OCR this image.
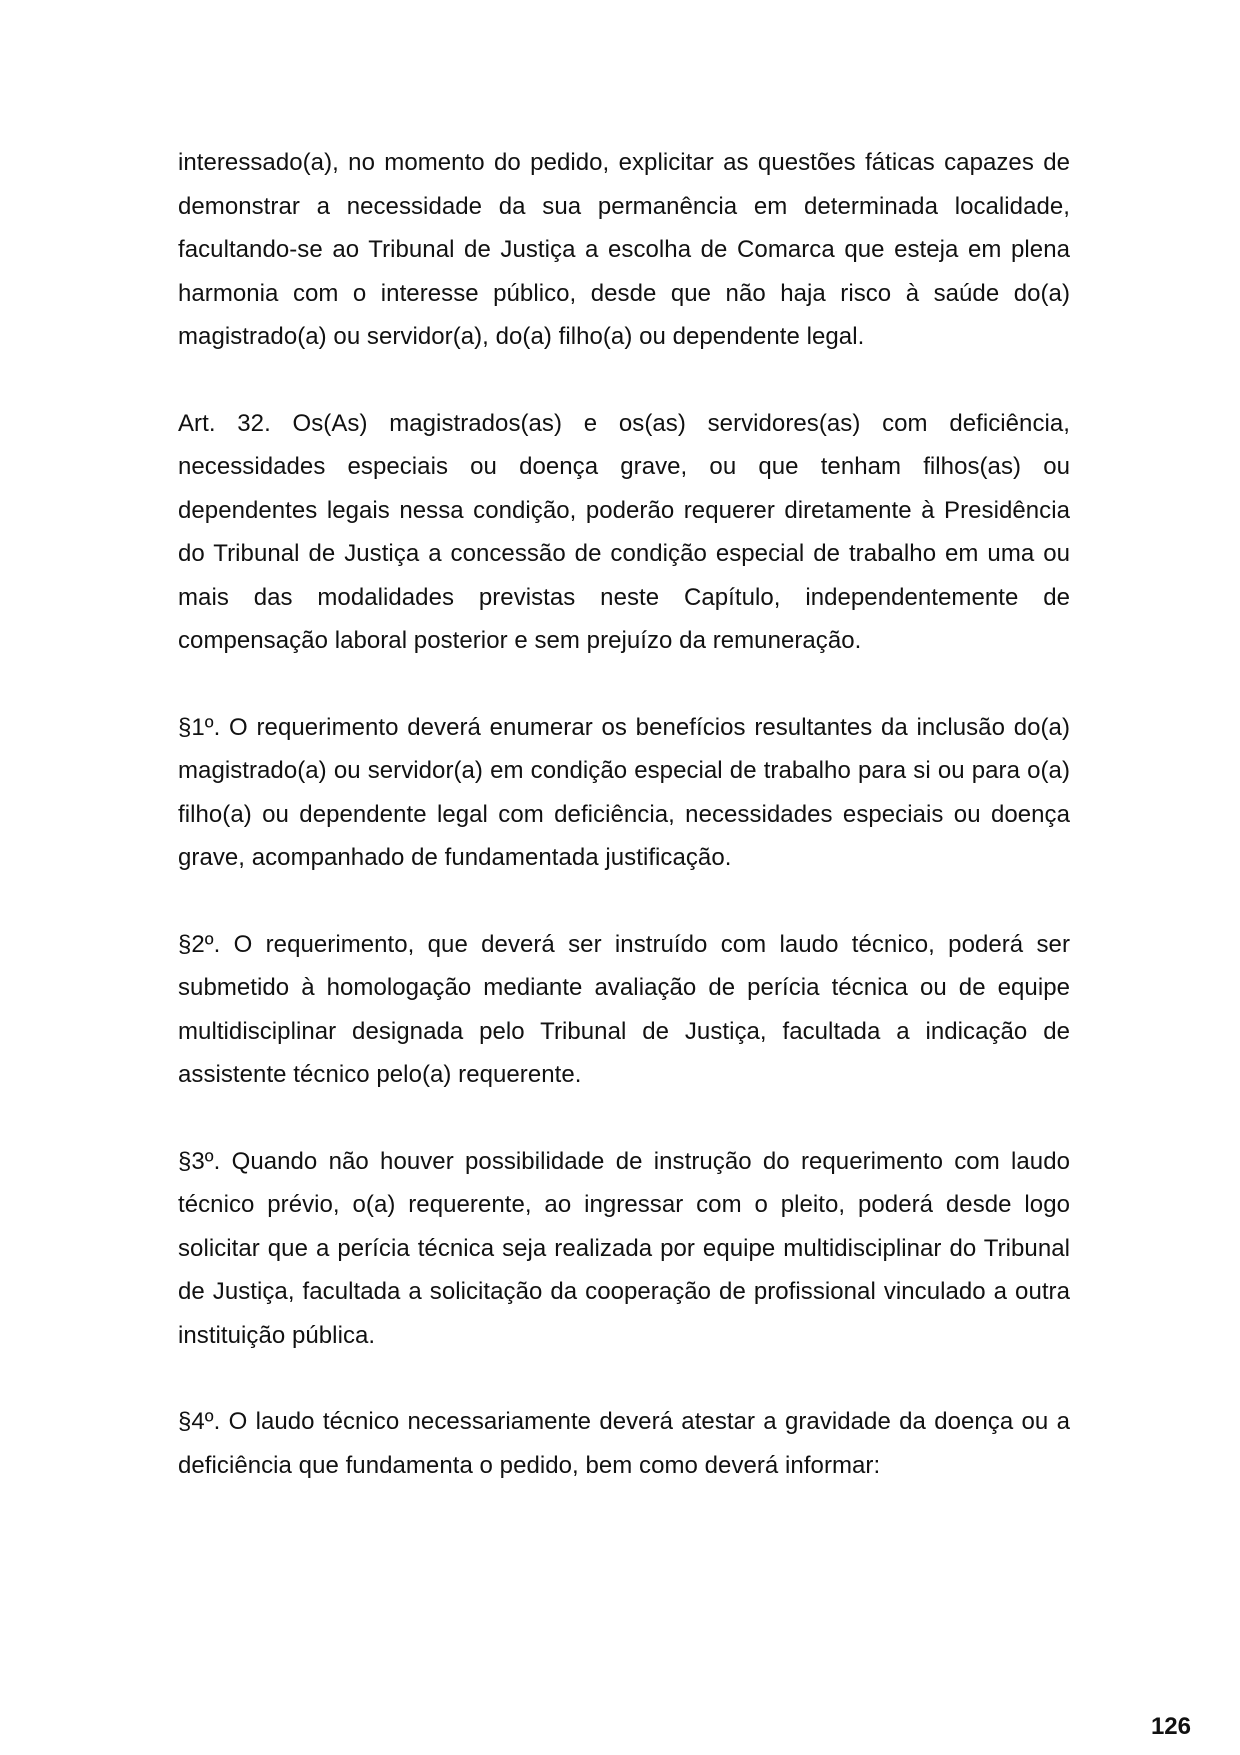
interessado(a), no momento do pedido, explicitar as questões fáticas capazes de demonstrar a necessidade da sua permanência em determinada localidade, facultando-se ao Tribunal de Justiça a escolha de Comarca que esteja em plena harmonia com o interesse público, desde que não haja risco à saúde do(a) magistrado(a) ou servidor(a), do(a) filho(a) ou dependente legal.

Art. 32. Os(As) magistrados(as) e os(as) servidores(as) com deficiência, necessidades especiais ou doença grave, ou que tenham filhos(as) ou dependentes legais nessa condição, poderão requerer diretamente à Presidência do Tribunal de Justiça a concessão de condição especial de trabalho em uma ou mais das modalidades previstas neste Capítulo, independentemente de compensação laboral posterior e sem prejuízo da remuneração.

§1º. O requerimento deverá enumerar os benefícios resultantes da inclusão do(a) magistrado(a) ou servidor(a) em condição especial de trabalho para si ou para o(a) filho(a) ou dependente legal com deficiência, necessidades especiais ou doença grave, acompanhado de fundamentada justificação.

§2º. O requerimento, que deverá ser instruído com laudo técnico, poderá ser submetido à homologação mediante avaliação de perícia técnica ou de equipe multidisciplinar designada pelo Tribunal de Justiça, facultada a indicação de assistente técnico pelo(a) requerente.

§3º. Quando não houver possibilidade de instrução do requerimento com laudo técnico prévio, o(a) requerente, ao ingressar com o pleito, poderá desde logo solicitar que a perícia técnica seja realizada por equipe multidisciplinar do Tribunal de Justiça, facultada a solicitação da cooperação de profissional vinculado a outra instituição pública.

§4º. O laudo técnico necessariamente deverá atestar a gravidade da doença ou a deficiência que fundamenta o pedido, bem como deverá informar:

126
